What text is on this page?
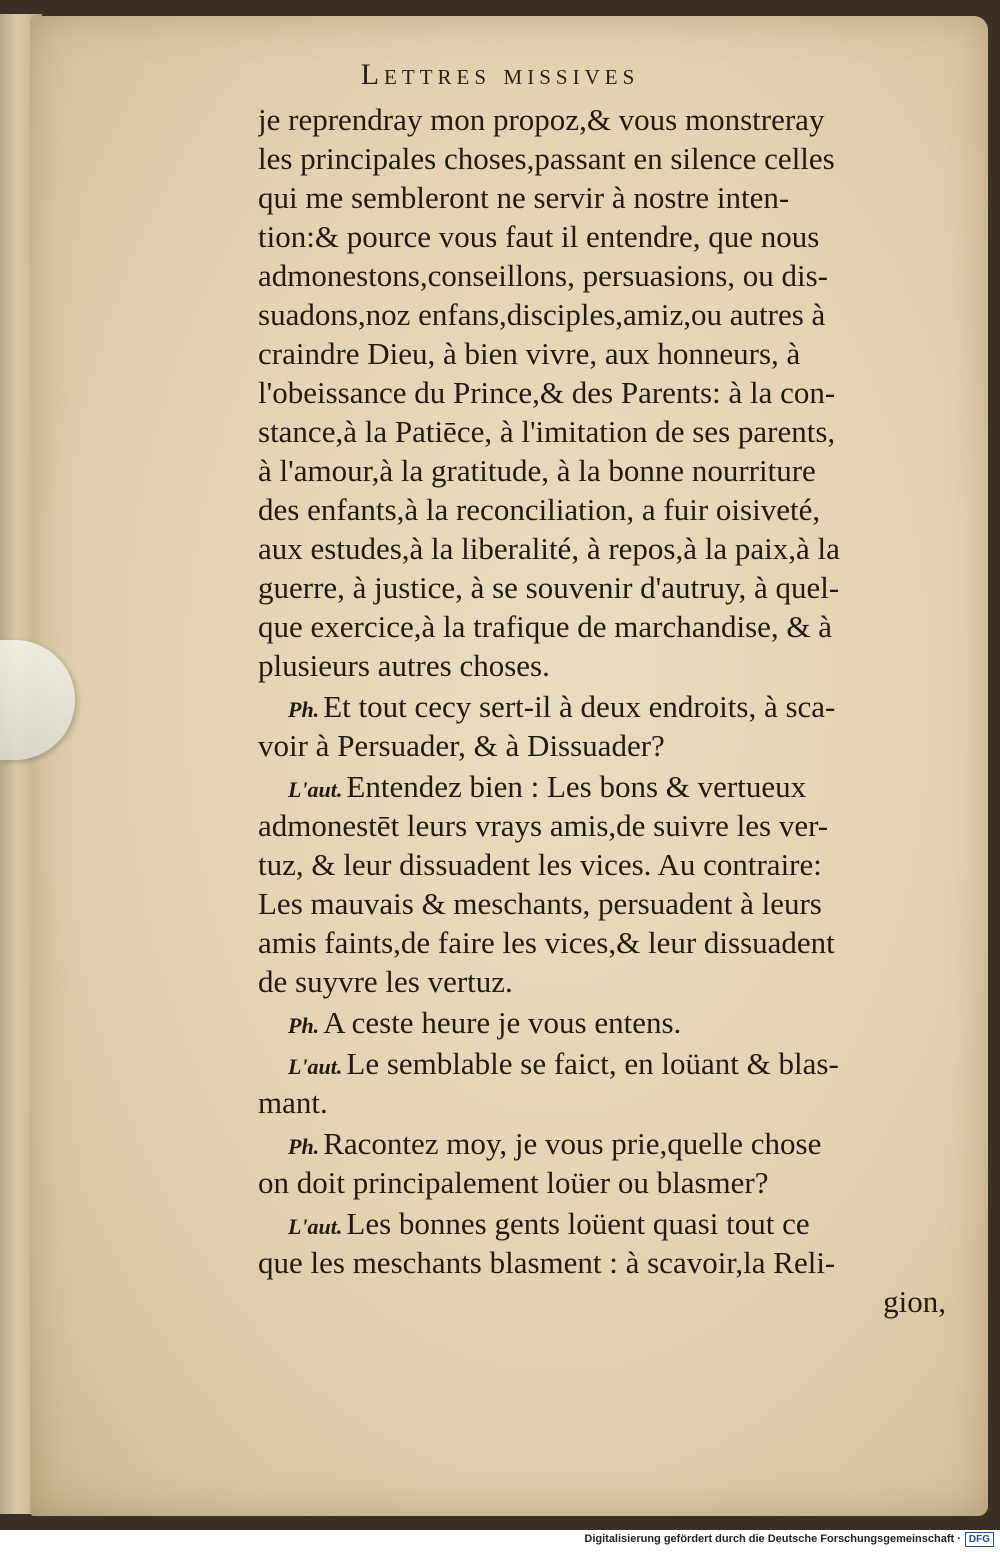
Lettres missives
je reprendray mon propoz,& vous monstreray
les principales choses,passant en silence celles
qui me sembleront ne servir à nostre inten-
tion:& pource vous faut il entendre, que nous
admonestons,conseillons, persuasions, ou dis-
suadons,noz enfans,disciples,amiz,ou autres à
craindre Dieu, à bien vivre, aux honneurs, à
l'obeissance du Prince,& des Parents: à la con-
stance,à la Patiēce, à l'imitation de ses parents,
à l'amour,à la gratitude, à la bonne nourriture
des enfants,à la reconciliation, a fuir oisiveté,
aux estudes,à la liberalité, à repos,à la paix,à la
guerre, à justice, à se souvenir d'autruy, à quel-
que exercice,à la trafique de marchandise, & à
plusieurs autres choses.
Ph. Et tout cecy sert-il à deux endroits, à sca-
voir à Persuader, & à Dissuader?
L'aut. Entendez bien : Les bons & vertueux
admonestēt leurs vrays amis,de suivre les ver-
tuz, & leur dissuadent les vices. Au contraire:
Les mauvais & meschants, persuadent à leurs
amis faints,de faire les vices,& leur dissuadent
de suyvre les vertuz.
Ph. A ceste heure je vous entens.
L'aut. Le semblable se faict, en loüant & blas-
mant.
Ph. Racontez moy, je vous prie,quelle chose
on doit principalement loüer ou blasmer?
L'aut. Les bonnes gents loüent quasi tout ce
que les meschants blasment : à scavoir,la Reli-
gion,
Digitalisierung gefördert durch die Deutsche Forschungsgemeinschaft · DFG
